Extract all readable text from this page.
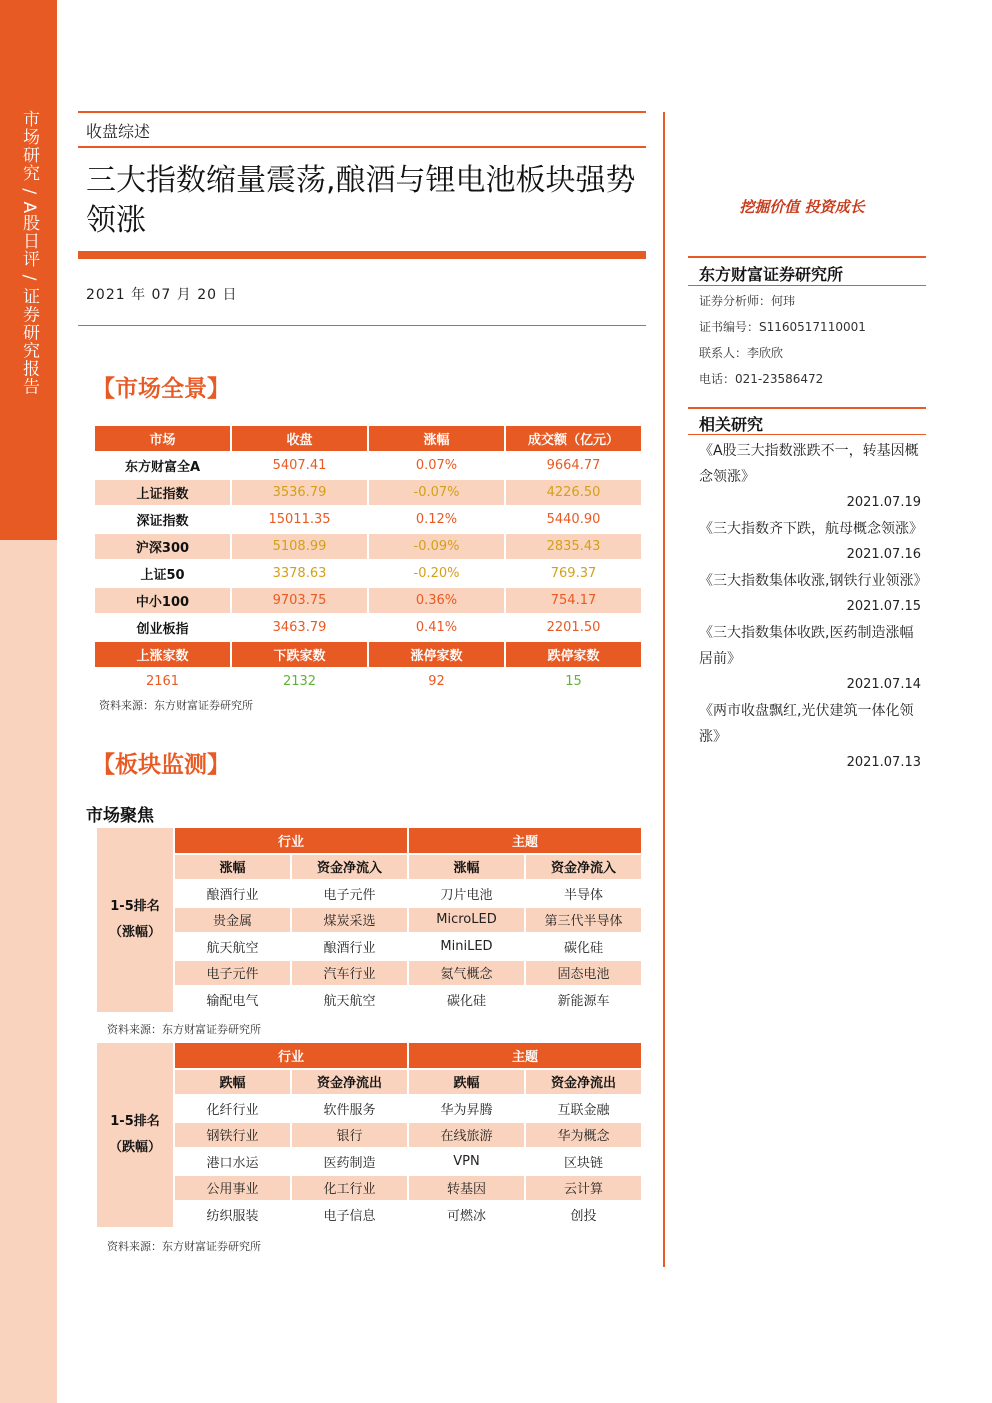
市场研究 / A股日评 / 证券研究报告	收盘综述
三大指数缩量震荡,酿酒与锂电池板块强势领涨
2021 年 07 月 20 日
挖掘价值 投资成长
东方财富证券研究所
证券分析师：何玮
证书编号：S1160517110001
联系人：李欣欣
电话：021-23586472
相关研究
《A股三大指数涨跌不一，转基因概念领涨》
2021.07.19
《三大指数齐下跌，航母概念领涨》
2021.07.16
《三大指数集体收涨,钢铁行业领涨》
2021.07.15
《三大指数集体收跌,医药制造涨幅居前》
2021.07.14
《两市收盘飘红,光伏建筑一体化领涨》
2021.07.13
【市场全景】
市场	收盘	涨幅	成交额（亿元）
东方财富全A	5407.41	0.07%	9664.77
上证指数	3536.79	-0.07%	4226.50
深证指数	15011.35	0.12%	5440.90
沪深300	5108.99	-0.09%	2835.43
上证50	3378.63	-0.20%	769.37
中小100	9703.75	0.36%	754.17
创业板指	3463.79	0.41%	2201.50
上涨家数	下跌家数	涨停家数	跌停家数
2161	2132	92	15
资料来源：东方财富证券研究所
【板块监测】
市场聚焦
1-5排名
（涨幅）	行业		主题	
	涨幅	资金净流入	涨幅	资金净流入
	酿酒行业	电子元件	刀片电池	半导体
	贵金属	煤炭采选	MicroLED	第三代半导体
	航天航空	酿酒行业	MiniLED	碳化硅
	电子元件	汽车行业	氦气概念	固态电池
	输配电气	航天航空	碳化硅	新能源车
资料来源：东方财富证券研究所
1-5排名
（跌幅）	行业		主题	
	跌幅	资金净流出	跌幅	资金净流出
	化纤行业	软件服务	华为昇腾	互联金融
	钢铁行业	银行	在线旅游	华为概念
	港口水运	医药制造	VPN	区块链
	公用事业	化工行业	转基因	云计算
	纺织服装	电子信息	可燃冰	创投
资料来源：东方财富证券研究所
